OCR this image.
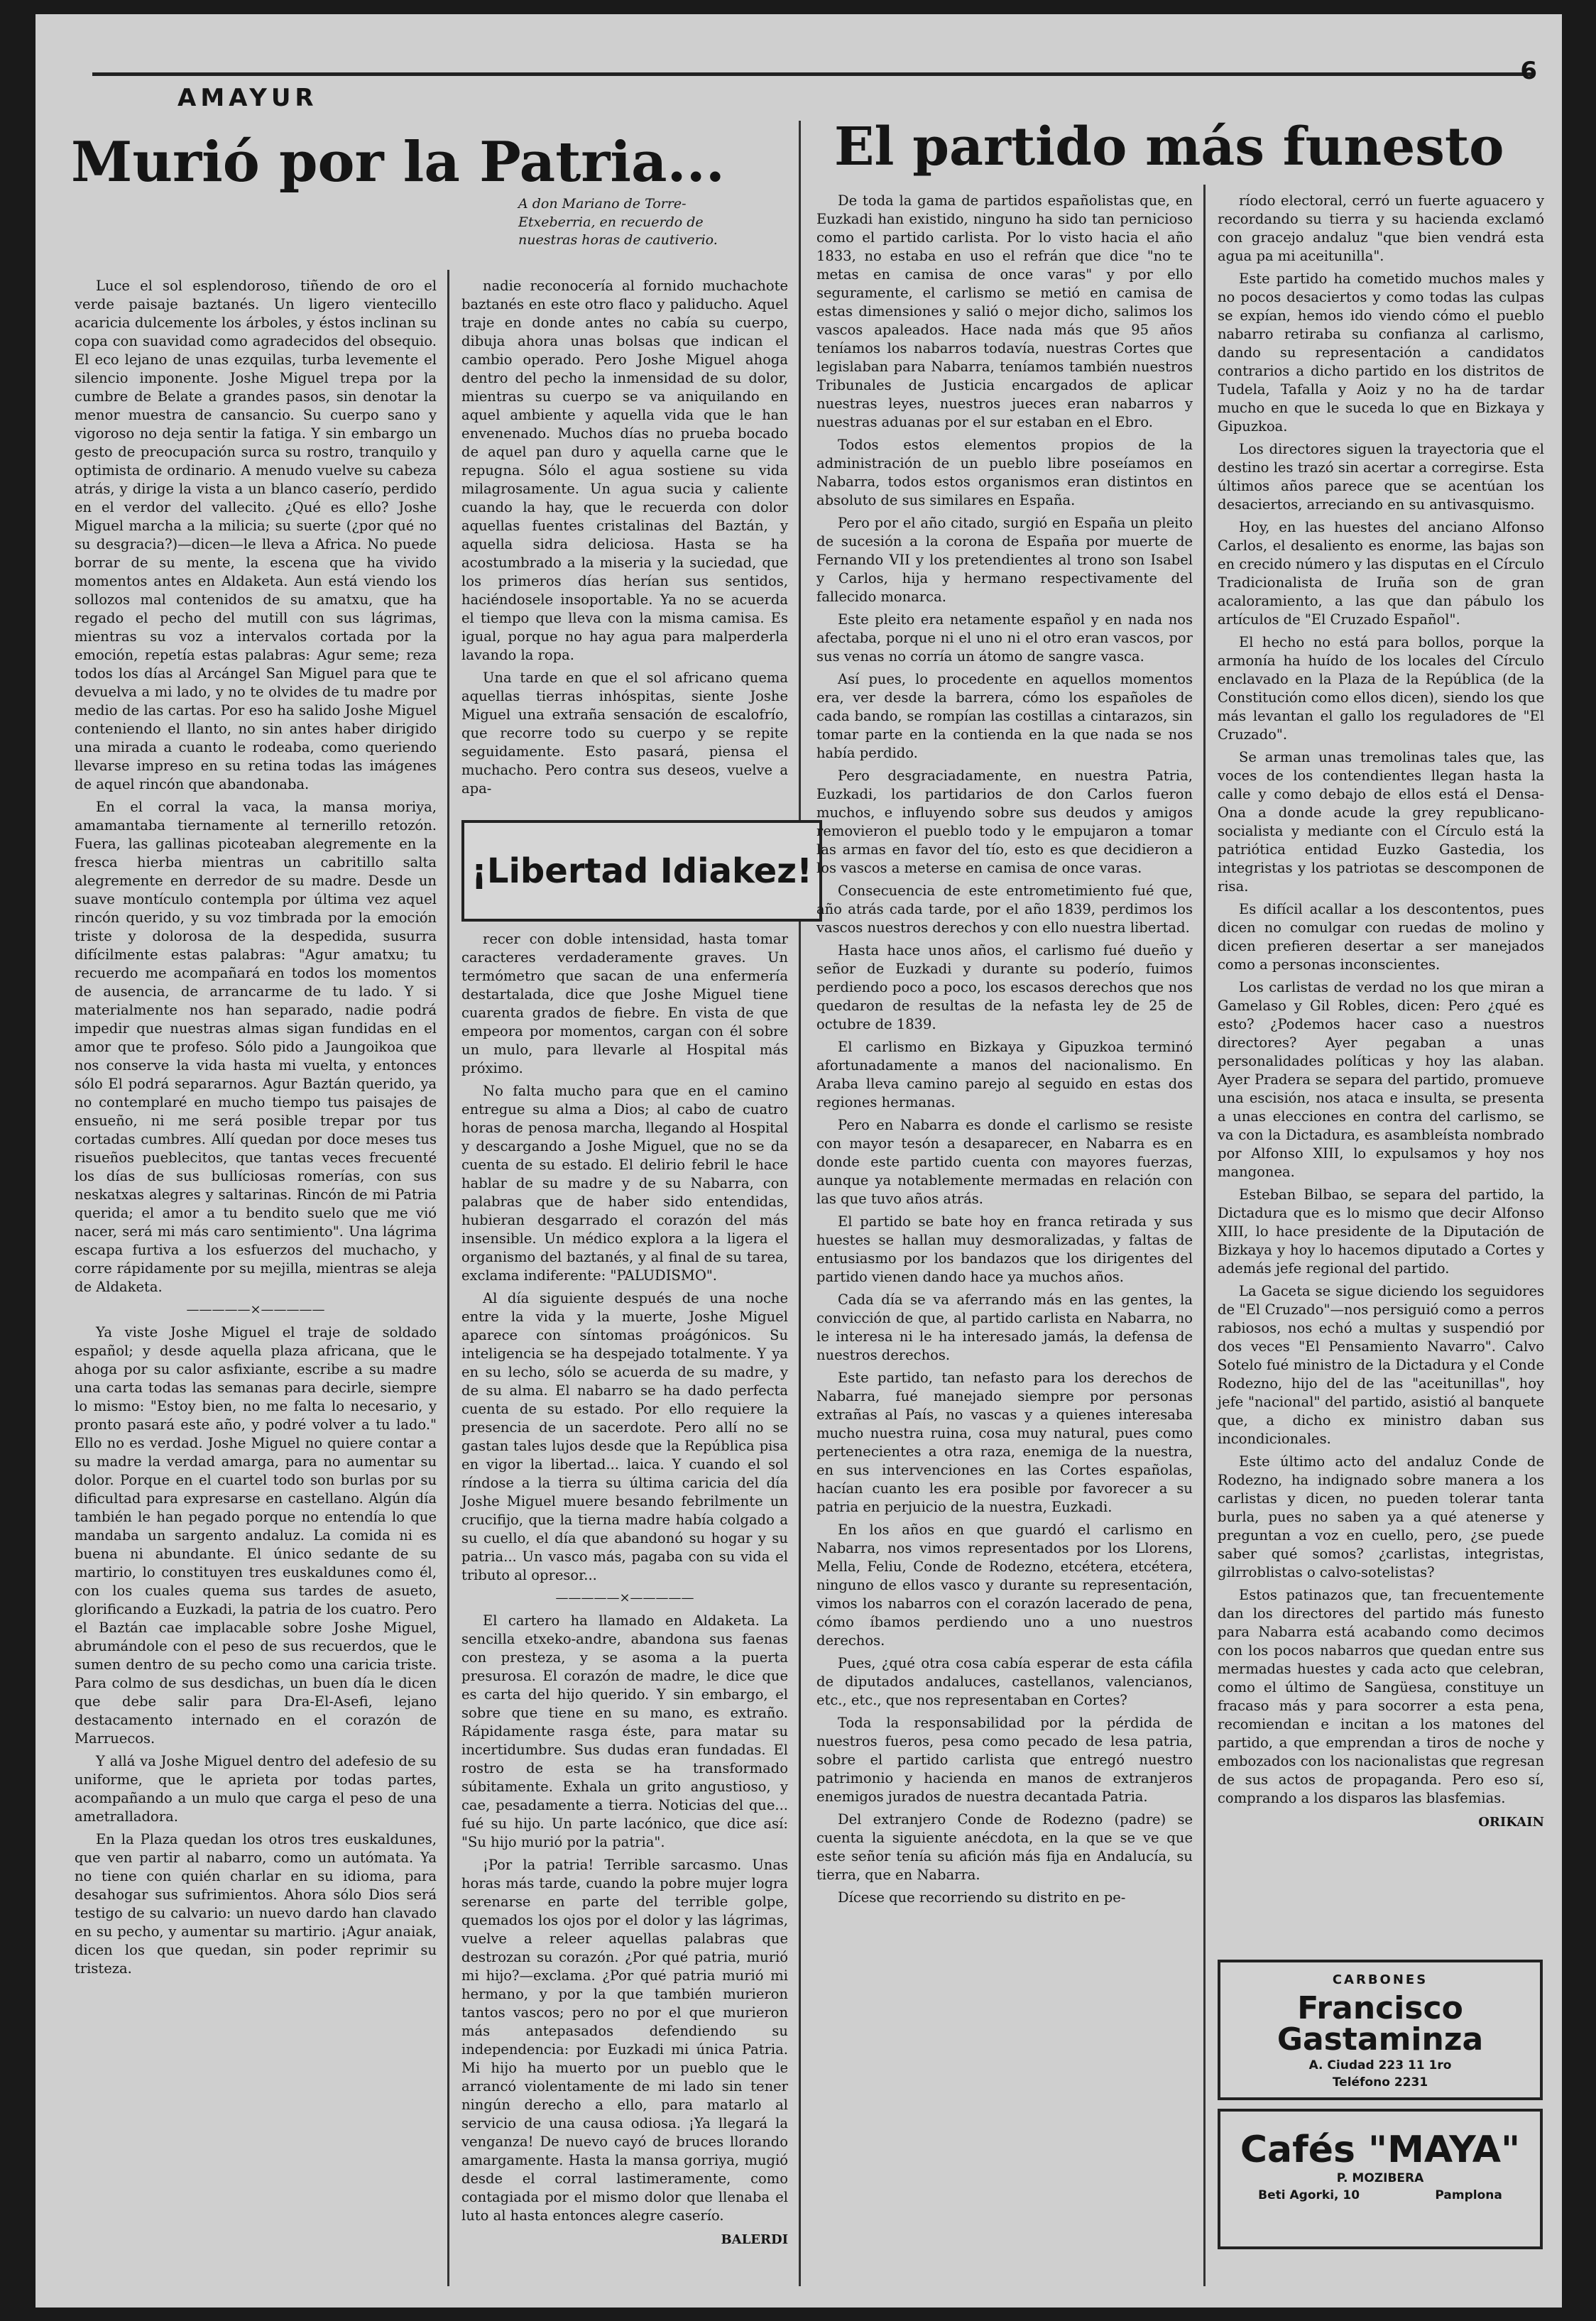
AMAYUR
6
Murió por la Patria...
A don Mariano de Torre-Etxeberria, en recuerdo de nuestras horas de cautiverio.

Luce el sol esplendoroso, tiñendo de oro el verde paisaje baztanés. Un ligero vientecillo acaricia dulcemente los árboles, y éstos inclinan su copa con suavidad como agradecidos del obsequio. El eco lejano de unas ezquilas, turba levemente el silencio imponente. Joshe Miguel trepa por la cumbre de Belate a grandes pasos, sin denotar la menor muestra de cansancio. Su cuerpo sano y vigoroso no deja sentir la fatiga. Y sin embargo un gesto de preocupación surca su rostro, tranquilo y optimista de ordinario. A menudo vuelve su cabeza atrás, y dirige la vista a un blanco caserío, perdido en el verdor del vallecito. ¿Qué es ello? Joshe Miguel marcha a la milicia; su suerte (¿por qué no su desgracia?)—dicen—le lleva a Africa. No puede borrar de su mente, la escena que ha vivido momentos antes en Aldaketa. Aun está viendo los sollozos mal contenidos de su amatxu, que ha regado el pecho del mutill con sus lágrimas, mientras su voz a intervalos cortada por la emoción, repetía estas palabras: Agur seme; reza todos los días al Arcángel San Miguel para que te devuelva a mi lado, y no te olvides de tu madre por medio de las cartas. Por eso ha salido Joshe Miguel conteniendo el llanto, no sin antes haber dirigido una mirada a cuanto le rodeaba, como queriendo llevarse impreso en su retina todas las imágenes de aquel rincón que abandonaba.

En el corral la vaca, la mansa moriya, amamantaba tiernamente al ternerillo retozón. Fuera, las gallinas picoteaban alegremente en la fresca hierba mientras un cabritillo salta alegremente en derredor de su madre. Desde un suave montículo contempla por última vez aquel rincón querido, y su voz timbrada por la emoción triste y dolorosa de la despedida, susurra difícilmente estas palabras: "Agur amatxu; tu recuerdo me acompañará en todos los momentos de ausencia, de arrancarme de tu lado. Y si materialmente nos han separado, nadie podrá impedir que nuestras almas sigan fundidas en el amor que te profeso. Sólo pido a Jaungoikoa que nos conserve la vida hasta mi vuelta, y entonces sólo El podrá separarnos. Agur Baztán querido, ya no contemplaré en mucho tiempo tus paisajes de ensueño, ni me será posible trepar por tus cortadas cumbres. Allí quedan por doce meses tus risueños pueblecitos, que tantas veces frecuenté los días de sus bullíciosas romerías, con sus neskatxas alegres y saltarinas. Rincón de mi Patria querida; el amor a tu bendito suelo que me vió nacer, será mi más caro sentimiento". Una lágrima escapa furtiva a los esfuerzos del muchacho, y corre rápidamente por su mejilla, mientras se aleja de Aldaketa.

—————×—————

Ya viste Joshe Miguel el traje de soldado español; y desde aquella plaza africana, que le ahoga por su calor asfixiante, escribe a su madre una carta todas las semanas para decirle, siempre lo mismo: "Estoy bien, no me falta lo necesario, y pronto pasará este año, y podré volver a tu lado." Ello no es verdad. Joshe Miguel no quiere contar a su madre la verdad amarga, para no aumentar su dolor. Porque en el cuartel todo son burlas por su dificultad para expresarse en castellano. Algún día también le han pegado porque no entendía lo que mandaba un sargento andaluz. La comida ni es buena ni abundante. El único sedante de su martirio, lo constituyen tres euskaldunes como él, con los cuales quema sus tardes de asueto, glorificando a Euzkadi, la patria de los cuatro. Pero el Baztán cae implacable sobre Joshe Miguel, abrumándole con el peso de sus recuerdos, que le sumen dentro de su pecho como una caricia triste. Para colmo de sus desdichas, un buen día le dicen que debe salir para Dra-El-Asefi, lejano destacamento internado en el corazón de Marruecos.

Y allá va Joshe Miguel dentro del adefesio de su uniforme, que le aprieta por todas partes, acompañando a un mulo que carga el peso de una ametralladora.

En la Plaza quedan los otros tres euskaldunes, que ven partir al nabarro, como un autómata. Ya no tiene con quién charlar en su idioma, para desahogar sus sufrimientos. Ahora sólo Dios será testigo de su calvario: un nuevo dardo han clavado en su pecho, y aumentar su martirio. ¡Agur anaiak, dicen los que quedan, sin poder reprimir su tristeza.

nadie reconocería al fornido muchachote baztanés en este otro flaco y paliducho. Aquel traje en donde antes no cabía su cuerpo, dibuja ahora unas bolsas que indican el cambio operado. Pero Joshe Miguel ahoga dentro del pecho la inmensidad de su dolor, mientras su cuerpo se va aniquilando en aquel ambiente y aquella vida que le han envenenado. Muchos días no prueba bocado de aquel pan duro y aquella carne que le repugna. Sólo el agua sostiene su vida milagrosamente. Un agua sucia y caliente cuando la hay, que le recuerda con dolor aquellas fuentes cristalinas del Baztán, y aquella sidra deliciosa. Hasta se ha acostumbrado a la miseria y la suciedad, que los primeros días herían sus sentidos, haciéndosele insoportable. Ya no se acuerda el tiempo que lleva con la misma camisa. Es igual, porque no hay agua para malperderla lavando la ropa.

Una tarde en que el sol africano quema aquellas tierras inhóspitas, siente Joshe Miguel una extraña sensación de escalofrío, que recorre todo su cuerpo y se repite seguidamente. Esto pasará, piensa el muchacho. Pero contra sus deseos, vuelve a apa-

¡Libertad Idiakez!

recer con doble intensidad, hasta tomar caracteres verdaderamente graves. Un termómetro que sacan de una enfermería destartalada, dice que Joshe Miguel tiene cuarenta grados de fiebre. En vista de que empeora por momentos, cargan con él sobre un mulo, para llevarle al Hospital más próximo.

No falta mucho para que en el camino entregue su alma a Dios; al cabo de cuatro horas de penosa marcha, llegando al Hospital y descargando a Joshe Miguel, que no se da cuenta de su estado. El delirio febril le hace hablar de su madre y de su Nabarra, con palabras que de haber sido entendidas, hubieran desgarrado el corazón del más insensible. Un médico explora a la ligera el organismo del baztanés, y al final de su tarea, exclama indiferente: "PALUDISMO".

Al día siguiente después de una noche entre la vida y la muerte, Joshe Miguel aparece con síntomas proágónicos. Su inteligencia se ha despejado totalmente. Y ya en su lecho, sólo se acuerda de su madre, y de su alma. El nabarro se ha dado perfecta cuenta de su estado. Por ello requiere la presencia de un sacerdote. Pero allí no se gastan tales lujos desde que la República pisa en vigor la libertad... laica. Y cuando el sol ríndose a la tierra su última caricia del día Joshe Miguel muere besando febrilmente un crucifijo, que la tierna madre había colgado a su cuello, el día que abandonó su hogar y su patria... Un vasco más, pagaba con su vida el tributo al opresor...

—————×—————

El cartero ha llamado en Aldaketa. La sencilla etxeko-andre, abandona sus faenas con presteza, y se asoma a la puerta presurosa. El corazón de madre, le dice que es carta del hijo querido. Y sin embargo, el sobre que tiene en su mano, es extraño. Rápidamente rasga éste, para matar su incertidumbre. Sus dudas eran fundadas. El rostro de esta se ha transformado súbitamente. Exhala un grito angustioso, y cae, pesadamente a tierra. Noticias del que... fué su hijo. Un parte lacónico, que dice así: "Su hijo murió por la patria".

¡Por la patria! Terrible sarcasmo. Unas horas más tarde, cuando la pobre mujer logra serenarse en parte del terrible golpe, quemados los ojos por el dolor y las lágrimas, vuelve a releer aquellas palabras que destrozan su corazón. ¿Por qué patria, murió mi hijo?—exclama. ¿Por qué patria murió mi hermano, y por la que también murieron tantos vascos; pero no por el que murieron más antepasados defendiendo su independencia: por Euzkadi mi única Patria. Mi hijo ha muerto por un pueblo que le arrancó violentamente de mi lado sin tener ningún derecho a ello, para matarlo al servicio de una causa odiosa. ¡Ya llegará la venganza! De nuevo cayó de bruces llorando amargamente. Hasta la mansa gorriya, mugió desde el corral lastimeramente, como contagiada por el mismo dolor que llenaba el luto al hasta entonces alegre caserío.

BALERDI
El partido más funesto

De toda la gama de partidos españolistas que, en Euzkadi han existido, ninguno ha sido tan pernicioso como el partido carlista. Por lo visto hacia el año 1833, no estaba en uso el refrán que dice "no te metas en camisa de once varas" y por ello seguramente, el carlismo se metió en camisa de estas dimensiones y salió o mejor dicho, salimos los vascos apaleados. Hace nada más que 95 años teníamos los nabarros todavía, nuestras Cortes que legislaban para Nabarra, teníamos también nuestros Tribunales de Justicia encargados de aplicar nuestras leyes, nuestros jueces eran nabarros y nuestras aduanas por el sur estaban en el Ebro.

Todos estos elementos propios de la administración de un pueblo libre poseíamos en Nabarra, todos estos organismos eran distintos en absoluto de sus similares en España.

Pero por el año citado, surgió en España un pleito de sucesión a la corona de España por muerte de Fernando VII y los pretendientes al trono son Isabel y Carlos, hija y hermano respectivamente del fallecido monarca.

Este pleito era netamente español y en nada nos afectaba, porque ni el uno ni el otro eran vascos, por sus venas no corría un átomo de sangre vasca.

Así pues, lo procedente en aquellos momentos era, ver desde la barrera, cómo los españoles de cada bando, se rompían las costillas a cintarazos, sin tomar parte en la contienda en la que nada se nos había perdido.

Pero desgraciadamente, en nuestra Patria, Euzkadi, los partidarios de don Carlos fueron muchos, e influyendo sobre sus deudos y amigos removieron el pueblo todo y le empujaron a tomar las armas en favor del tío, esto es que decidieron a los vascos a meterse en camisa de once varas.

Consecuencia de este entrometimiento fué que, año atrás cada tarde, por el año 1839, perdimos los vascos nuestros derechos y con ello nuestra libertad.

Hasta hace unos años, el carlismo fué dueño y señor de Euzkadi y durante su poderío, fuimos perdiendo poco a poco, los escasos derechos que nos quedaron de resultas de la nefasta ley de 25 de octubre de 1839.

El carlismo en Bizkaya y Gipuzkoa terminó afortunadamente a manos del nacionalismo. En Araba lleva camino parejo al seguido en estas dos regiones hermanas.

Pero en Nabarra es donde el carlismo se resiste con mayor tesón a desaparecer, en Nabarra es en donde este partido cuenta con mayores fuerzas, aunque ya notablemente mermadas en relación con las que tuvo años atrás.

El partido se bate hoy en franca retirada y sus huestes se hallan muy desmoralizadas, y faltas de entusiasmo por los bandazos que los dirigentes del partido vienen dando hace ya muchos años.

Cada día se va aferrando más en las gentes, la convicción de que, al partido carlista en Nabarra, no le interesa ni le ha interesado jamás, la defensa de nuestros derechos.

Este partido, tan nefasto para los derechos de Nabarra, fué manejado siempre por personas extrañas al País, no vascas y a quienes interesaba mucho nuestra ruina, cosa muy natural, pues como pertenecientes a otra raza, enemiga de la nuestra, en sus intervenciones en las Cortes españolas, hacían cuanto les era posible por favorecer a su patria en perjuicio de la nuestra, Euzkadi.

En los años en que guardó el carlismo en Nabarra, nos vimos representados por los Llorens, Mella, Feliu, Conde de Rodezno, etcétera, etcétera, ninguno de ellos vasco y durante su representación, vimos los nabarros con el corazón lacerado de pena, cómo íbamos perdiendo uno a uno nuestros derechos.

Pues, ¿qué otra cosa cabía esperar de esta cáfila de diputados andaluces, castellanos, valencianos, etc., etc., que nos representaban en Cortes?

Toda la responsabilidad por la pérdida de nuestros fueros, pesa como pecado de lesa patria, sobre el partido carlista que entregó nuestro patrimonio y hacienda en manos de extranjeros enemigos jurados de nuestra decantada Patria.

Del extranjero Conde de Rodezno (padre) se cuenta la siguiente anécdota, en la que se ve que este señor tenía su afición más fija en Andalucía, su tierra, que en Nabarra.

Dícese que recorriendo su distrito en pe-

ríodo electoral, cerró un fuerte aguacero y recordando su tierra y su hacienda exclamó con gracejo andaluz "que bien vendrá esta agua pa mi aceitunilla".

Este partido ha cometido muchos males y no pocos desaciertos y como todas las culpas se expían, hemos ido viendo cómo el pueblo nabarro retiraba su confianza al carlismo, dando su representación a candidatos contrarios a dicho partido en los distritos de Tudela, Tafalla y Aoiz y no ha de tardar mucho en que le suceda lo que en Bizkaya y Gipuzkoa.

Los directores siguen la trayectoria que el destino les trazó sin acertar a corregirse. Esta últimos años parece que se acentúan los desaciertos, arreciando en su antivasquismo.

Hoy, en las huestes del anciano Alfonso Carlos, el desaliento es enorme, las bajas son en crecido número y las disputas en el Círculo Tradicionalista de Iruña son de gran acaloramiento, a las que dan pábulo los artículos de "El Cruzado Español".

El hecho no está para bollos, porque la armonía ha huído de los locales del Círculo enclavado en la Plaza de la República (de la Constitución como ellos dicen), siendo los que más levantan el gallo los reguladores de "El Cruzado".

Se arman unas tremolinas tales que, las voces de los contendientes llegan hasta la calle y como debajo de ellos está el Densa-Ona a donde acude la grey republicano-socialista y mediante con el Círculo está la patriótica entidad Euzko Gastedia, los integristas y los patriotas se descomponen de risa.

Es difícil acallar a los descontentos, pues dicen no comulgar con ruedas de molino y dicen prefieren desertar a ser manejados como a personas inconscientes.

Los carlistas de verdad no los que miran a Gamelaso y Gil Robles, dicen: Pero ¿qué es esto? ¿Podemos hacer caso a nuestros directores? Ayer pegaban a unas personalidades políticas y hoy las alaban. Ayer Pradera se separa del partido, promueve una escisión, nos ataca e insulta, se presenta a unas elecciones en contra del carlismo, se va con la Dictadura, es asambleísta nombrado por Alfonso XIII, lo expulsamos y hoy nos mangonea.

Esteban Bilbao, se separa del partido, la Dictadura que es lo mismo que decir Alfonso XIII, lo hace presidente de la Diputación de Bizkaya y hoy lo hacemos diputado a Cortes y además jefe regional del partido.

La Gaceta se sigue diciendo los seguidores de "El Cruzado"—nos persiguió como a perros rabiosos, nos echó a multas y suspendió por dos veces "El Pensamiento Navarro". Calvo Sotelo fué ministro de la Dictadura y el Conde Rodezno, hijo del de las "aceitunillas", hoy jefe "nacional" del partido, asistió al banquete que, a dicho ex ministro daban sus incondicionales.

Este último acto del andaluz Conde de Rodezno, ha indignado sobre manera a los carlistas y dicen, no pueden tolerar tanta burla, pues no saben ya a qué atenerse y preguntan a voz en cuello, pero, ¿se puede saber qué somos? ¿carlistas, integristas, gilrroblistas o calvo-sotelistas?

Estos patinazos que, tan frecuentemente dan los directores del partido más funesto para Nabarra está acabando como decimos con los pocos nabarros que quedan entre sus mermadas huestes y cada acto que celebran, como el último de Sangüesa, constituye un fracaso más y para socorrer a esta pena, recomiendan e incitan a los matones del partido, a que emprendan a tiros de noche y embozados con los nacionalistas que regresan de sus actos de propaganda. Pero eso sí, comprando a los disparos las blasfemias.

ORIKAIN
CARBONES
Francisco Gastaminza
A. Ciudad 223 11 1ro
Teléfono 2231
Cafés "MAYA"
P. MOZIBERA
Beti Agorki, 10	Pamplona
